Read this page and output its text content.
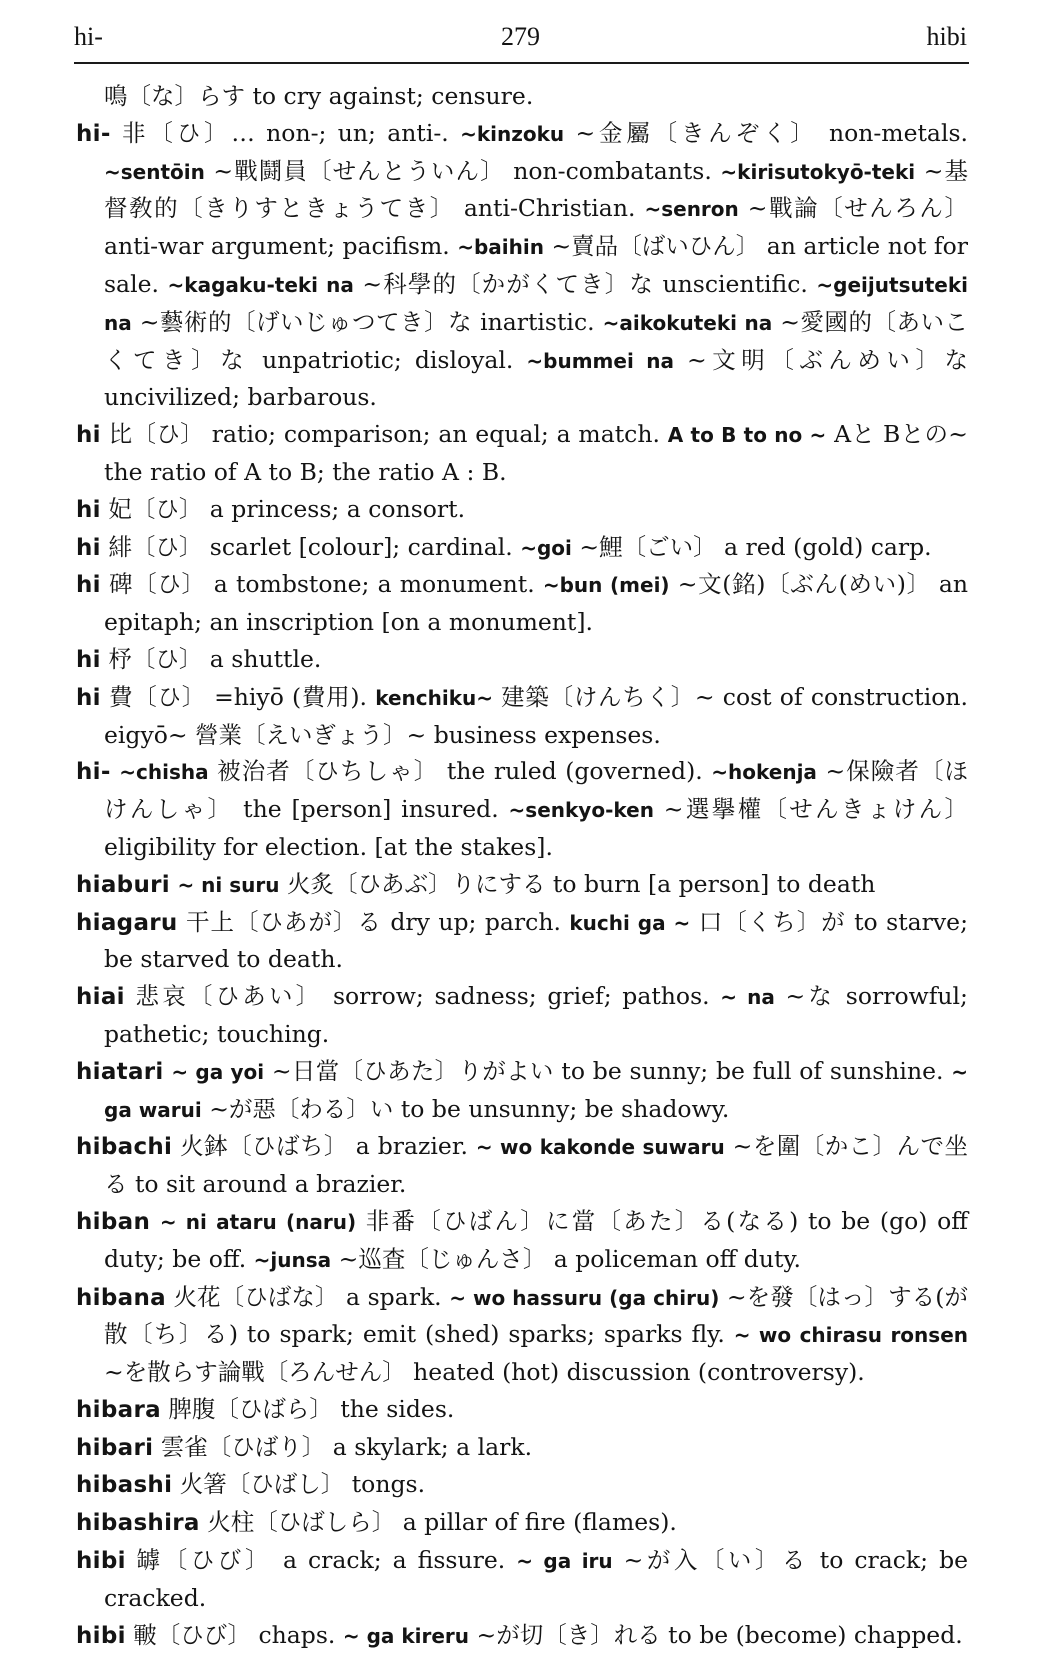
hi-	279	hibi
鳴〔な〕らす to cry against; censure.
hi- 非〔ひ〕… non-; un; anti-. ~kinzoku ~金屬〔きんぞく〕 non-metals. ~sentōin ~戰鬪員〔せんとういん〕 non-combatants. ~kirisutokyō-teki ~基督敎的〔きりすときょうてき〕 anti-Christian. ~senron ~戰論〔せんろん〕 anti-war argument; pacifism. ~baihin ~賣品〔ばいひん〕 an article not for sale. ~kagaku-teki na ~科學的〔かがくてき〕な unscientific. ~geijutsuteki na ~藝術的〔げいじゅつてき〕な inartistic. ~aikokuteki na ~愛國的〔あいこくてき〕な unpatriotic; disloyal. ~bummei na ~文明〔ぶんめい〕な uncivilized; barbarous.
hi 比〔ひ〕 ratio; comparison; an equal; a match. A to B to no ~ Aと Bとの~ the ratio of A to B; the ratio A : B.
hi 妃〔ひ〕 a princess; a consort.
hi 緋〔ひ〕 scarlet [colour]; cardinal. ~goi ~鯉〔ごい〕 a red (gold) carp.
hi 碑〔ひ〕 a tombstone; a monument. ~bun (mei) ~文(銘)〔ぶん(めい)〕 an epitaph; an inscription [on a monument].
hi 杼〔ひ〕 a shuttle.
hi 費〔ひ〕 =hiyō (費用). kenchiku~ 建築〔けんちく〕~ cost of construction. eigyō~ 營業〔えいぎょう〕~ business expenses.
hi- ~chisha 被治者〔ひちしゃ〕 the ruled (governed). ~hokenja ~保險者〔ほけんしゃ〕 the [person] insured. ~senkyo-ken ~選擧權〔せんきょけん〕 eligibility for election. [at the stakes].
hiaburi ~ ni suru 火炙〔ひあぶ〕りにする to burn [a person] to death
hiagaru 干上〔ひあが〕る dry up; parch. kuchi ga ~ 口〔くち〕が to starve; be starved to death.
hiai 悲哀〔ひあい〕 sorrow; sadness; grief; pathos. ~ na ~な sorrowful; pathetic; touching.
hiatari ~ ga yoi ~日當〔ひあた〕りがよい to be sunny; be full of sunshine. ~ ga warui ~が惡〔わる〕い to be unsunny; be shadowy.
hibachi 火鉢〔ひばち〕 a brazier. ~ wo kakonde suwaru ~を圍〔かこ〕んで坐る to sit around a brazier.
hiban ~ ni ataru (naru) 非番〔ひばん〕に當〔あた〕る(なる) to be (go) off duty; be off. ~junsa ~巡査〔じゅんさ〕 a policeman off duty.
hibana 火花〔ひばな〕 a spark. ~ wo hassuru (ga chiru) ~を發〔はっ〕する(が散〔ち〕る) to spark; emit (shed) sparks; sparks fly. ~ wo chirasu ronsen ~を散らす論戰〔ろんせん〕 heated (hot) discussion (controversy).
hibara 脾腹〔ひばら〕 the sides.
hibari 雲雀〔ひばり〕 a skylark; a lark.
hibashi 火箸〔ひばし〕 tongs.
hibashira 火柱〔ひばしら〕 a pillar of fire (flames).
hibi 罅〔ひび〕 a crack; a fissure. ~ ga iru ~が入〔い〕る to crack; be cracked.
hibi 皸〔ひび〕 chaps. ~ ga kireru ~が切〔き〕れる to be (become) chapped.
